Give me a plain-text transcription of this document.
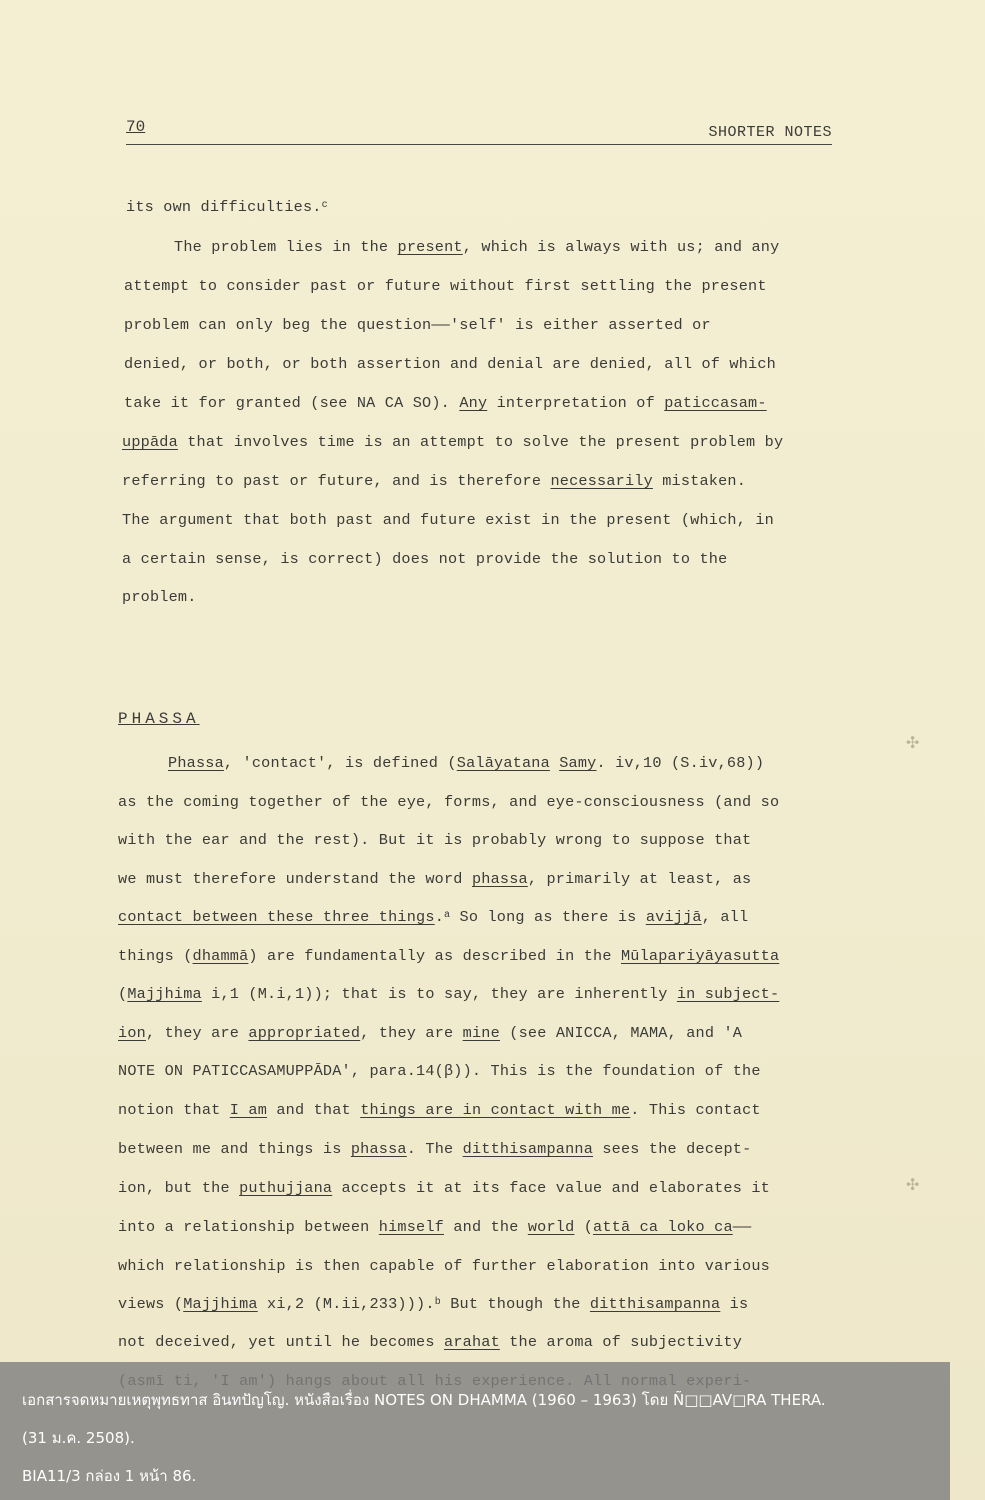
70	SHORTER NOTES
its own difficulties.$^c$
The problem lies in the present, which is always with us; and any
attempt to consider past or future without first settling the present
problem can only beg the question——'self' is either asserted or
denied, or both, or both assertion and denial are denied, all of which
take it for granted (see NA CA SO). Any interpretation of paticcasam-
uppāda that involves time is an attempt to solve the present problem by
referring to past or future, and is therefore necessarily mistaken.
The argument that both past and future exist in the present (which, in
a certain sense, is correct) does not provide the solution to the
problem.
PHASSA
Phassa, 'contact', is defined (Salāyatana Samy. iv,10 (S.iv,68))
as the coming together of the eye, forms, and eye-consciousness (and so
with the ear and the rest). But it is probably wrong to suppose that
we must therefore understand the word phassa, primarily at least, as
contact between these three things.$^a$ So long as there is avijjā, all
things (dhammā) are fundamentally as described in the Mūlapariyāyasutta
(Majjhima i,1 (M.i,1)); that is to say, they are inherently in subject-
ion, they are appropriated, they are mine (see ANICCA, MAMA, and 'A
NOTE ON PATICCASAMUPPĀDA', para.14(β)). This is the foundation of the
notion that I am and that things are in contact with me. This contact
between me and things is phassa. The ditthisampanna sees the decept-
ion, but the puthujjana accepts it at its face value and elaborates it
into a relationship between himself and the world (attā ca loko ca——
which relationship is then capable of further elaboration into various
views (Majjhima xi,2 (M.ii,233))).$^b$ But though the ditthisampanna is
not deceived, yet until he becomes arahat the aroma of subjectivity
✣
✣
เอกสารจดหมายเหตุพุทธทาส อินทปัญโญ. หนังสือเรื่อง NOTES ON DHAMMA (1960 – 1963) โดย Ñ□□AV□RA THERA.
(31 ม.ค. 2508).
BIA11/3 กล่อง 1 หน้า 86.
